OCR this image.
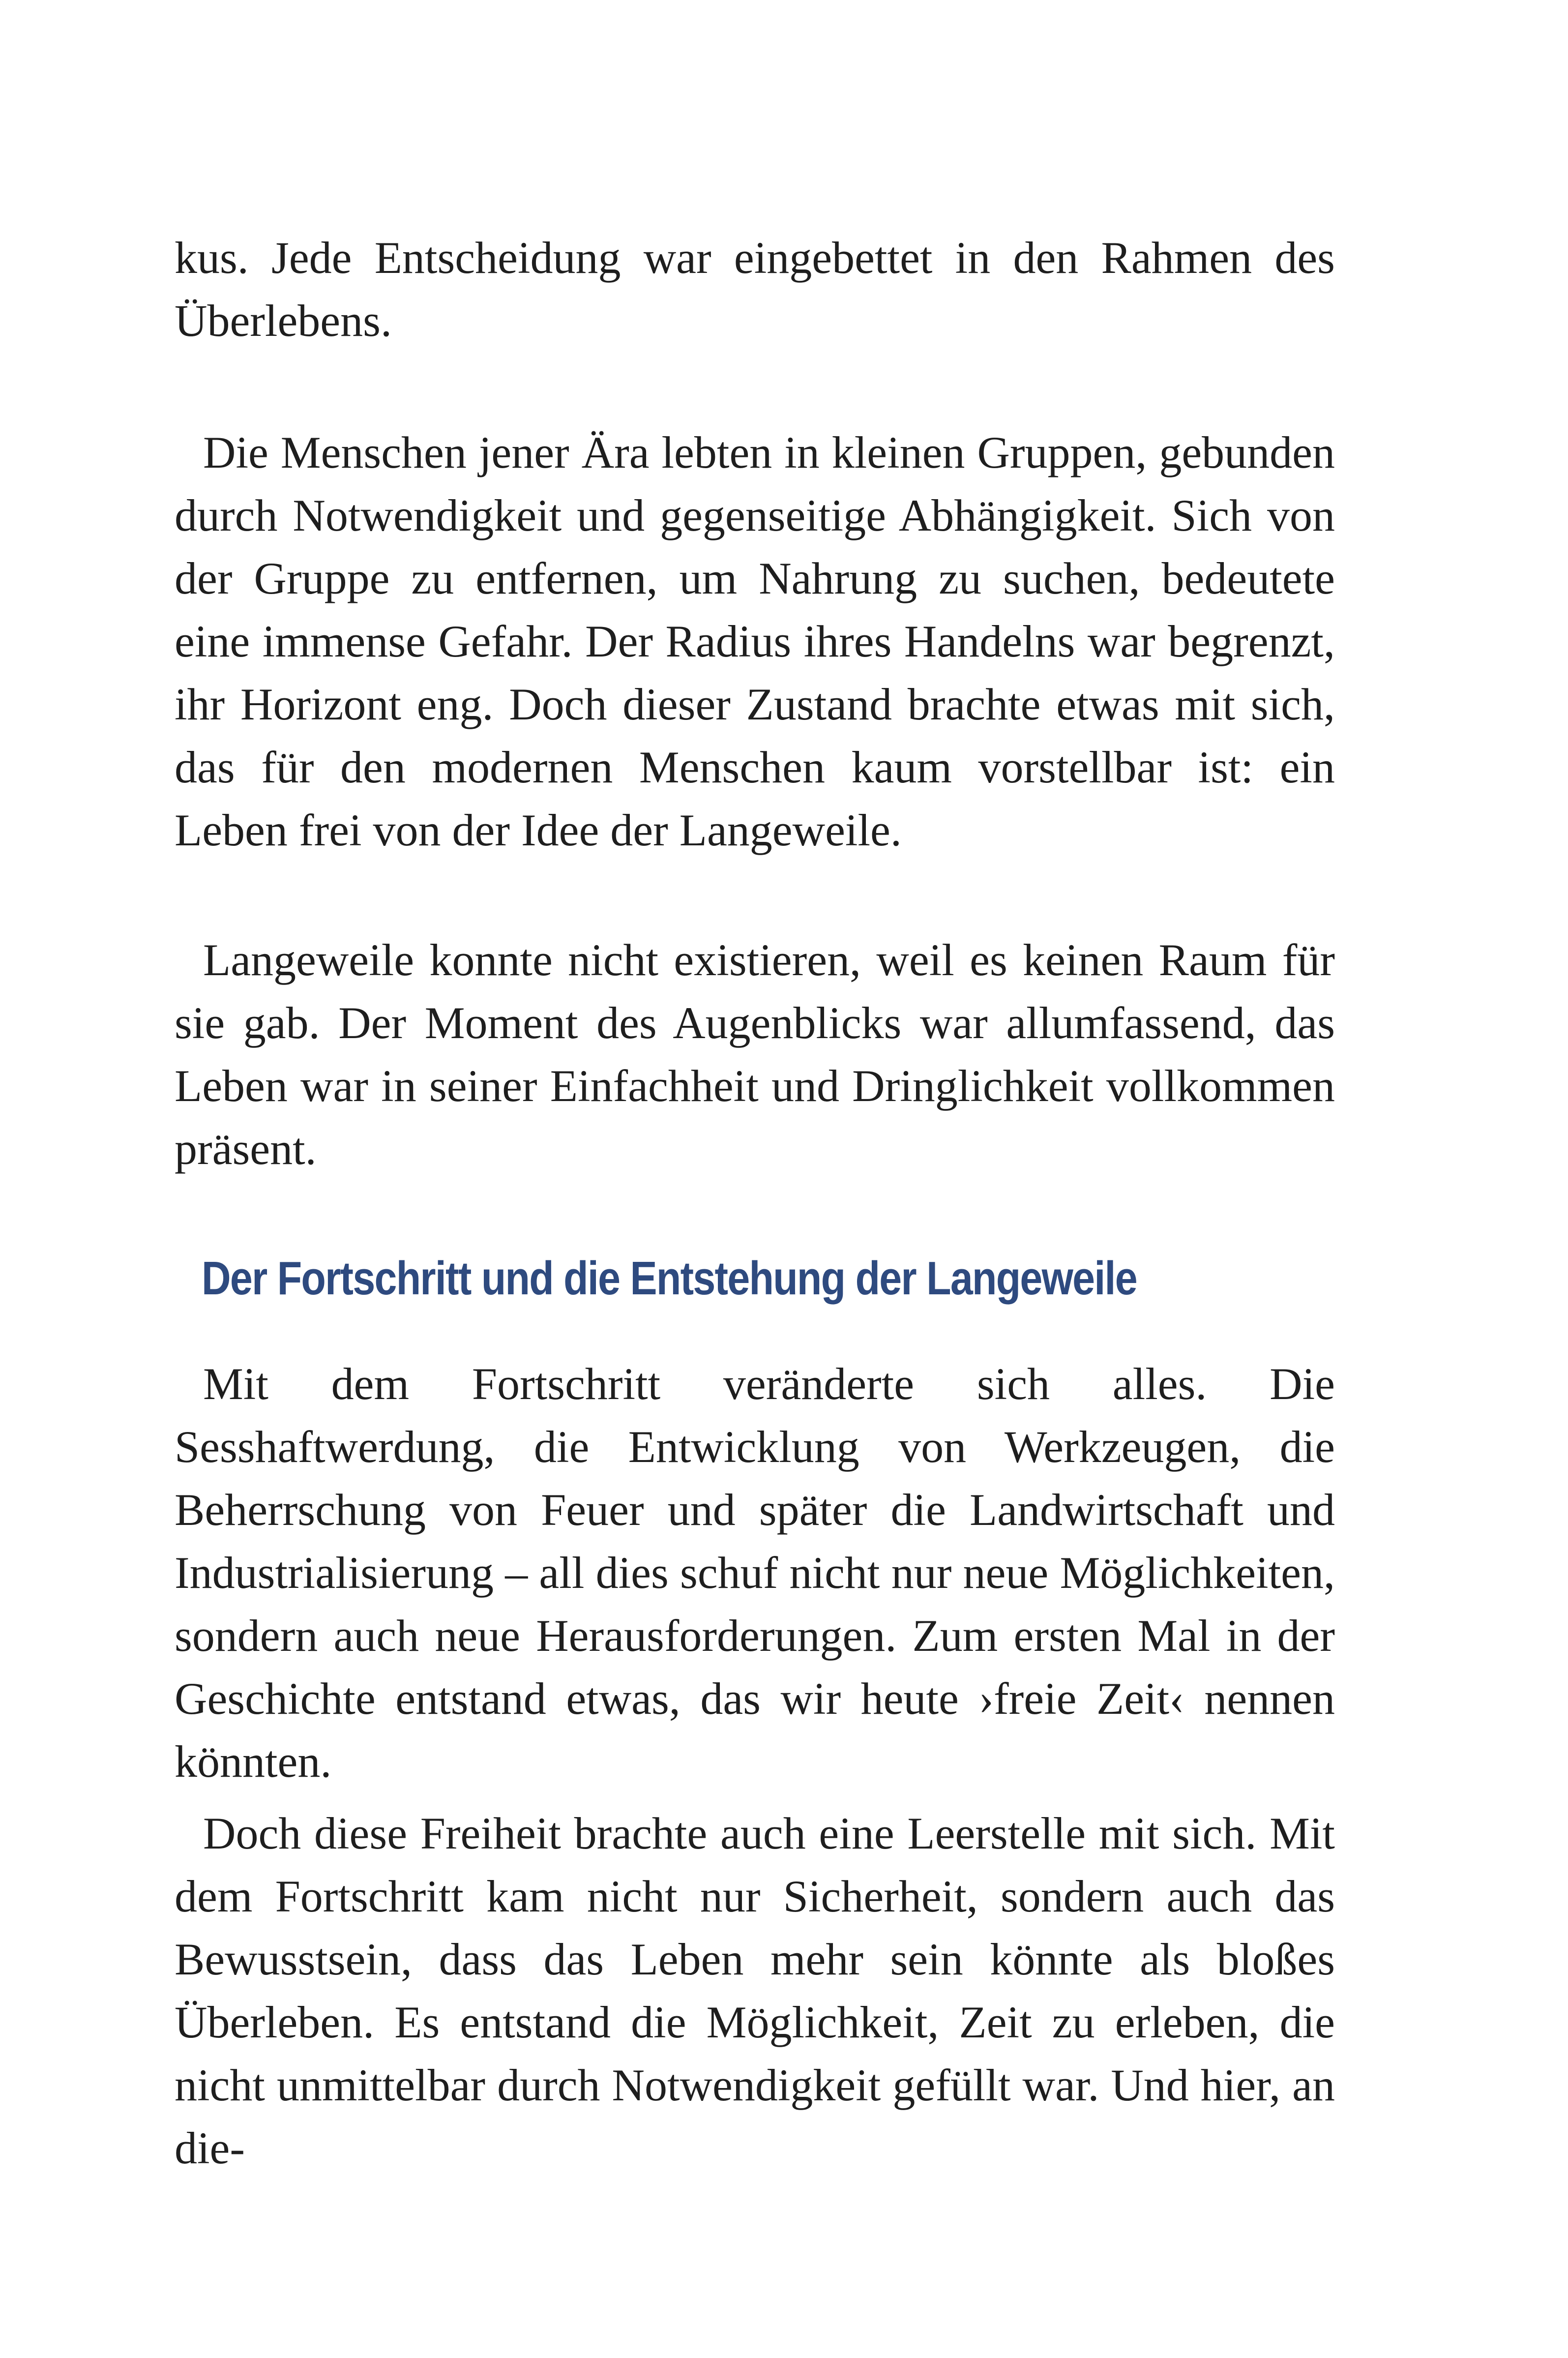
kus. Jede Entscheidung war eingebettet in den Rahmen des Überlebens.

Die Menschen jener Ära lebten in kleinen Gruppen, gebunden durch Notwendigkeit und gegenseitige Abhängigkeit. Sich von der Gruppe zu entfernen, um Nahrung zu suchen, bedeutete eine immense Gefahr. Der Radius ihres Handelns war begrenzt, ihr Horizont eng. Doch dieser Zustand brachte etwas mit sich, das für den modernen Menschen kaum vorstellbar ist: ein Leben frei von der Idee der Langeweile.

Langeweile konnte nicht existieren, weil es keinen Raum für sie gab. Der Moment des Augenblicks war allumfassend, das Leben war in seiner Einfachheit und Dringlichkeit vollkommen präsent.

Der Fortschritt und die Entstehung der Langeweile

Mit dem Fortschritt veränderte sich alles. Die Sesshaftwerdung, die Entwicklung von Werkzeugen, die Beherrschung von Feuer und später die Landwirtschaft und Industrialisierung – all dies schuf nicht nur neue Möglichkeiten, sondern auch neue Herausforderungen. Zum ersten Mal in der Geschichte entstand etwas, das wir heute ›freie Zeit‹ nennen könnten.

Doch diese Freiheit brachte auch eine Leerstelle mit sich. Mit dem Fortschritt kam nicht nur Sicherheit, sondern auch das Bewusstsein, dass das Leben mehr sein könnte als bloßes Überleben. Es entstand die Möglichkeit, Zeit zu erleben, die nicht unmittelbar durch Notwendigkeit gefüllt war. Und hier, an die-
